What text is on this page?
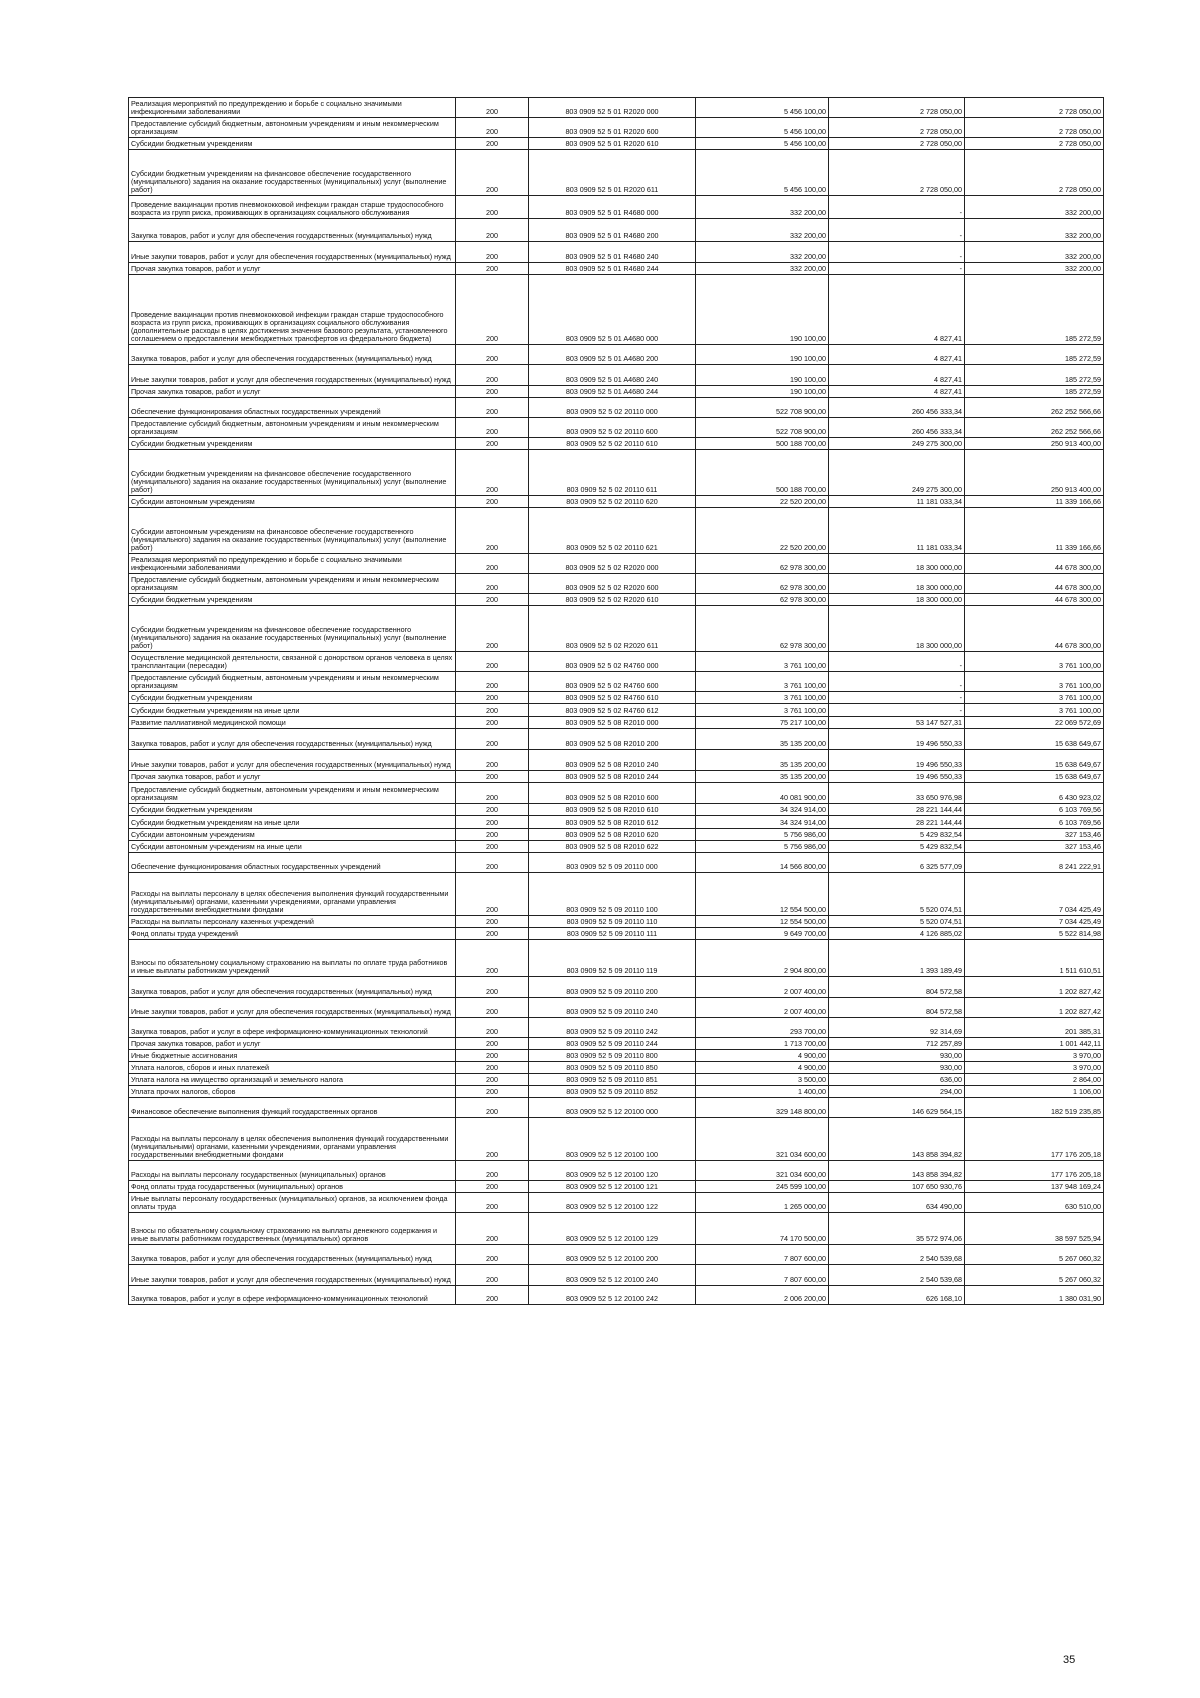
Реализация мероприятий по предупреждению и борьбе с социально значимыми инфекционными заболеваниями	200	803 0909 52 5 01 R2020 000	5 456 100,00	2 728 050,00	2 728 050,00
Предоставление субсидий бюджетным, автономным учреждениям и иным некоммерческим организациям	200	803 0909 52 5 01 R2020 600	5 456 100,00	2 728 050,00	2 728 050,00
Субсидии бюджетным учреждениям	200	803 0909 52 5 01 R2020 610	5 456 100,00	2 728 050,00	2 728 050,00
Субсидии бюджетным учреждениям на финансовое обеспечение государственного (муниципального) задания на оказание государственных (муниципальных) услуг (выполнение работ)	200	803 0909 52 5 01 R2020 611	5 456 100,00	2 728 050,00	2 728 050,00
Проведение вакцинации против пневмококковой инфекции граждан старше трудоспособного возраста из групп риска, проживающих в организациях социального обслуживания	200	803 0909 52 5 01 R4680 000	332 200,00	-	332 200,00
Закупка товаров, работ и услуг для обеспечения государственных (муниципальных) нужд	200	803 0909 52 5 01 R4680 200	332 200,00	-	332 200,00
Иные закупки товаров, работ и услуг для обеспечения государственных (муниципальных) нужд	200	803 0909 52 5 01 R4680 240	332 200,00	-	332 200,00
Прочая закупка товаров, работ и услуг	200	803 0909 52 5 01 R4680 244	332 200,00	-	332 200,00
Проведение вакцинации против пневмококковой инфекции граждан старше трудоспособного возраста из групп риска, проживающих в организациях социального обслуживания (дополнительные расходы в целях достижения значения базового результата, установленного соглашением о предоставлении межбюджетных трансфертов из федерального бюджета)	200	803 0909 52 5 01 A4680 000	190 100,00	4 827,41	185 272,59
Закупка товаров, работ и услуг для обеспечения государственных (муниципальных) нужд	200	803 0909 52 5 01 A4680 200	190 100,00	4 827,41	185 272,59
Иные закупки товаров, работ и услуг для обеспечения государственных (муниципальных) нужд	200	803 0909 52 5 01 A4680 240	190 100,00	4 827,41	185 272,59
Прочая закупка товаров, работ и услуг	200	803 0909 52 5 01 A4680 244	190 100,00	4 827,41	185 272,59
Обеспечение функционирования областных государственных учреждений	200	803 0909 52 5 02 20110 000	522 708 900,00	260 456 333,34	262 252 566,66
Предоставление субсидий бюджетным, автономным учреждениям и иным некоммерческим организациям	200	803 0909 52 5 02 20110 600	522 708 900,00	260 456 333,34	262 252 566,66
Субсидии бюджетным учреждениям	200	803 0909 52 5 02 20110 610	500 188 700,00	249 275 300,00	250 913 400,00
Субсидии бюджетным учреждениям на финансовое обеспечение государственного (муниципального) задания на оказание государственных (муниципальных) услуг (выполнение работ)	200	803 0909 52 5 02 20110 611	500 188 700,00	249 275 300,00	250 913 400,00
Субсидии автономным учреждениям	200	803 0909 52 5 02 20110 620	22 520 200,00	11 181 033,34	11 339 166,66
Субсидии автономным учреждениям на финансовое обеспечение государственного (муниципального) задания на оказание государственных (муниципальных) услуг (выполнение работ)	200	803 0909 52 5 02 20110 621	22 520 200,00	11 181 033,34	11 339 166,66
Реализация мероприятий по предупреждению и борьбе с социально значимыми инфекционными заболеваниями	200	803 0909 52 5 02 R2020 000	62 978 300,00	18 300 000,00	44 678 300,00
Предоставление субсидий бюджетным, автономным учреждениям и иным некоммерческим организациям	200	803 0909 52 5 02 R2020 600	62 978 300,00	18 300 000,00	44 678 300,00
Субсидии бюджетным учреждениям	200	803 0909 52 5 02 R2020 610	62 978 300,00	18 300 000,00	44 678 300,00
Субсидии бюджетным учреждениям на финансовое обеспечение государственного (муниципального) задания на оказание государственных (муниципальных) услуг (выполнение работ)	200	803 0909 52 5 02 R2020 611	62 978 300,00	18 300 000,00	44 678 300,00
Осуществление медицинской деятельности, связанной с донорством органов человека в целях трансплантации (пересадки)	200	803 0909 52 5 02 R4760 000	3 761 100,00	-	3 761 100,00
Предоставление субсидий бюджетным, автономным учреждениям и иным некоммерческим организациям	200	803 0909 52 5 02 R4760 600	3 761 100,00	-	3 761 100,00
Субсидии бюджетным учреждениям	200	803 0909 52 5 02 R4760 610	3 761 100,00	-	3 761 100,00
Субсидии бюджетным учреждениям на иные цели	200	803 0909 52 5 02 R4760 612	3 761 100,00	-	3 761 100,00
Развитие паллиативной медицинской помощи	200	803 0909 52 5 08 R2010 000	75 217 100,00	53 147 527,31	22 069 572,69
Закупка товаров, работ и услуг для обеспечения государственных (муниципальных) нужд	200	803 0909 52 5 08 R2010 200	35 135 200,00	19 496 550,33	15 638 649,67
Иные закупки товаров, работ и услуг для обеспечения государственных (муниципальных) нужд	200	803 0909 52 5 08 R2010 240	35 135 200,00	19 496 550,33	15 638 649,67
Прочая закупка товаров, работ и услуг	200	803 0909 52 5 08 R2010 244	35 135 200,00	19 496 550,33	15 638 649,67
Предоставление субсидий бюджетным, автономным учреждениям и иным некоммерческим организациям	200	803 0909 52 5 08 R2010 600	40 081 900,00	33 650 976,98	6 430 923,02
Субсидии бюджетным учреждениям	200	803 0909 52 5 08 R2010 610	34 324 914,00	28 221 144,44	6 103 769,56
Субсидии бюджетным учреждениям на иные цели	200	803 0909 52 5 08 R2010 612	34 324 914,00	28 221 144,44	6 103 769,56
Субсидии автономным учреждениям	200	803 0909 52 5 08 R2010 620	5 756 986,00	5 429 832,54	327 153,46
Субсидии автономным учреждениям на иные цели	200	803 0909 52 5 08 R2010 622	5 756 986,00	5 429 832,54	327 153,46
Обеспечение функционирования областных государственных учреждений	200	803 0909 52 5 09 20110 000	14 566 800,00	6 325 577,09	8 241 222,91
Расходы на выплаты персоналу в целях обеспечения выполнения функций государственными (муниципальными) органами, казенными учреждениями, органами управления государственными внебюджетными фондами	200	803 0909 52 5 09 20110 100	12 554 500,00	5 520 074,51	7 034 425,49
Расходы на выплаты персоналу казенных учреждений	200	803 0909 52 5 09 20110 110	12 554 500,00	5 520 074,51	7 034 425,49
Фонд оплаты труда учреждений	200	803 0909 52 5 09 20110 111	9 649 700,00	4 126 885,02	5 522 814,98
Взносы по обязательному социальному страхованию на выплаты по оплате труда работников и иные выплаты работникам учреждений	200	803 0909 52 5 09 20110 119	2 904 800,00	1 393 189,49	1 511 610,51
Закупка товаров, работ и услуг для обеспечения государственных (муниципальных) нужд	200	803 0909 52 5 09 20110 200	2 007 400,00	804 572,58	1 202 827,42
Иные закупки товаров, работ и услуг для обеспечения государственных (муниципальных) нужд	200	803 0909 52 5 09 20110 240	2 007 400,00	804 572,58	1 202 827,42
Закупка товаров, работ и услуг в сфере информационно-коммуникационных технологий	200	803 0909 52 5 09 20110 242	293 700,00	92 314,69	201 385,31
Прочая закупка товаров, работ и услуг	200	803 0909 52 5 09 20110 244	1 713 700,00	712 257,89	1 001 442,11
Иные бюджетные ассигнования	200	803 0909 52 5 09 20110 800	4 900,00	930,00	3 970,00
Уплата налогов, сборов и иных платежей	200	803 0909 52 5 09 20110 850	4 900,00	930,00	3 970,00
Уплата налога на имущество организаций и земельного налога	200	803 0909 52 5 09 20110 851	3 500,00	636,00	2 864,00
Уплата прочих налогов, сборов	200	803 0909 52 5 09 20110 852	1 400,00	294,00	1 106,00
Финансовое обеспечение выполнения функций государственных органов	200	803 0909 52 5 12 20100 000	329 148 800,00	146 629 564,15	182 519 235,85
Расходы на выплаты персоналу в целях обеспечения выполнения функций государственными (муниципальными) органами, казенными учреждениями, органами управления государственными внебюджетными фондами	200	803 0909 52 5 12 20100 100	321 034 600,00	143 858 394,82	177 176 205,18
Расходы на выплаты персоналу государственных (муниципальных) органов	200	803 0909 52 5 12 20100 120	321 034 600,00	143 858 394,82	177 176 205,18
Фонд оплаты труда государственных (муниципальных) органов	200	803 0909 52 5 12 20100 121	245 599 100,00	107 650 930,76	137 948 169,24
Иные выплаты персоналу государственных (муниципальных) органов, за исключением фонда оплаты труда	200	803 0909 52 5 12 20100 122	1 265 000,00	634 490,00	630 510,00
Взносы по обязательному социальному страхованию на выплаты денежного содержания и иные выплаты работникам государственных (муниципальных) органов	200	803 0909 52 5 12 20100 129	74 170 500,00	35 572 974,06	38 597 525,94
Закупка товаров, работ и услуг для обеспечения государственных (муниципальных) нужд	200	803 0909 52 5 12 20100 200	7 807 600,00	2 540 539,68	5 267 060,32
Иные закупки товаров, работ и услуг для обеспечения государственных (муниципальных) нужд	200	803 0909 52 5 12 20100 240	7 807 600,00	2 540 539,68	5 267 060,32
Закупка товаров, работ и услуг в сфере информационно-коммуникационных технологий	200	803 0909 52 5 12 20100 242	2 006 200,00	626 168,10	1 380 031,90
35
